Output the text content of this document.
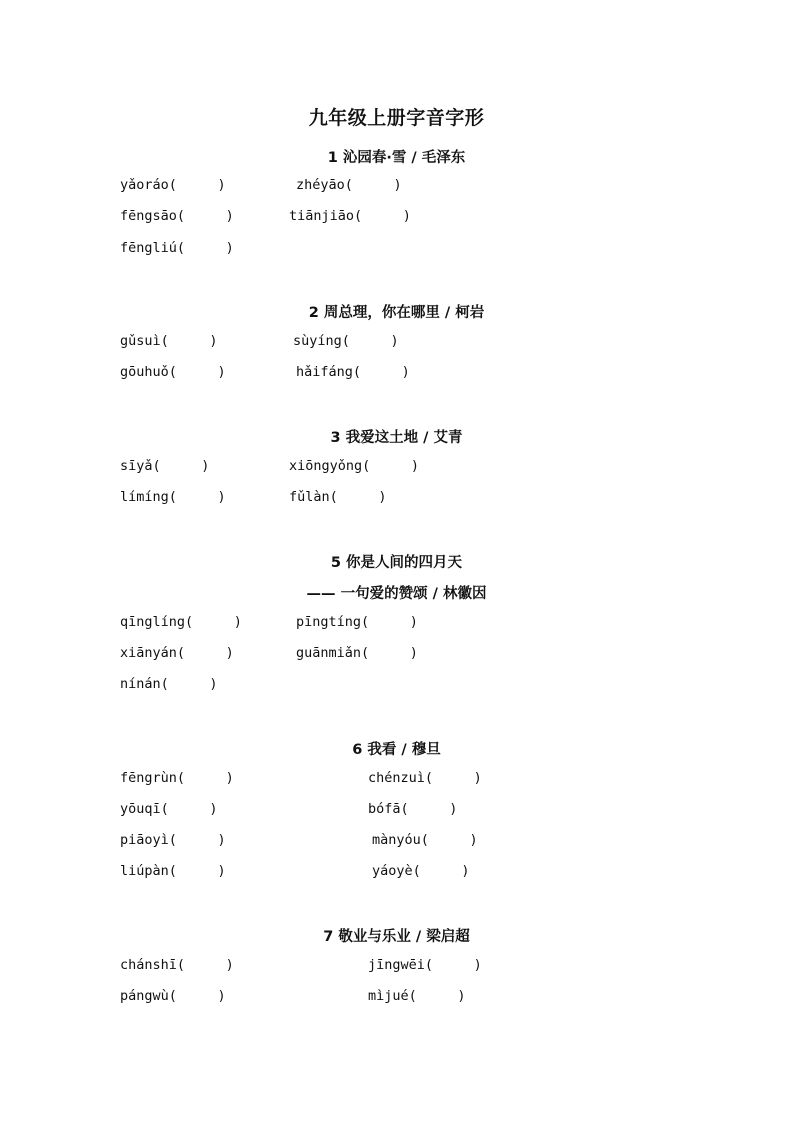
九年级上册字音字形
1 沁园春·雪 / 毛泽东
yǎoráo(     )	zhéyāo(     )
fēngsāo(     )	tiānjiāo(     )
fēngliú(     )
2 周总理，你在哪里 / 柯岩
gǔsuì(     )	sùyíng(     )
gōuhuǒ(     )	hǎifáng(     )
3 我爱这土地 / 艾青
sīyǎ(     )	xiōngyǒng(     )
límíng(     )	fǔlàn(     )
5 你是人间的四月天
—— 一句爱的赞颂 / 林徽因
qīnglíng(     )	pīngtíng(     )
xiānyán(     )	guānmiǎn(     )
nínán(     )
6 我看 / 穆旦
fēngrùn(     )	chénzuì(     )
yōuqī(     )	bófā(     )
piāoyì(     )	mànyóu(     )
liúpàn(     )	yáoyè(     )
7 敬业与乐业 / 梁启超
chánshī(     )	jīngwēi(     )
pángwù(     )	mìjué(     )
